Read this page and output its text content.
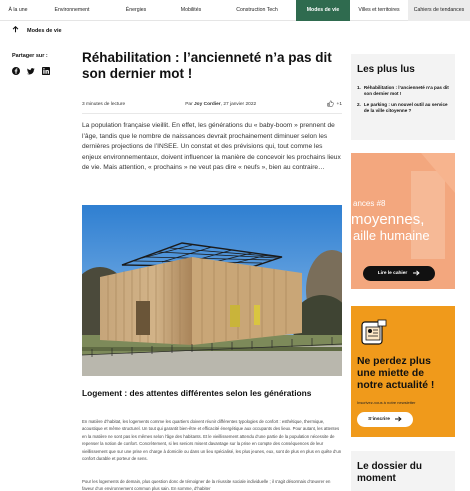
À la une	Environnement	Énergies	Mobilités	Construction Tech	Modes de vie	Villes et territoires	Cahiers de tendances
Modes de vie
Partager sur :	Réhabilitation : l’ancienneté n’a pas dit son dernier mot !
3 minutes de lecture	Par Joy Cordier, 27 janvier 2022	+1

La population française vieillit. En effet, les générations du « baby-boom » prennent de l’âge, tandis que le nombre de naissances devrait prochainement diminuer selon les dernières projections de l’INSEE. Un constat et des prévisions qui, tout comme les enjeux environnementaux, doivent influencer la manière de concevoir les prochains lieux de vie. Mais attention, « prochains » ne veut pas dire « neufs », bien au contraire…

Logement : des attentes différentes selon les générations

En matière d’habitat, les logements comme les quartiers doivent réunir différentes typologies de confort : esthétique, thermique, acoustique et même structurel. Un tout qui garantit bien-être et efficacité énergétique aux occupants des lieux. Pour autant, les attentes en la matière ne sont pas les mêmes selon l’âge des habitants. Et le vieillissement attendu d’une partie de la population nécessite de repenser la notion de confort. Concrètement, si les seniors misent davantage sur la prise en compte des conséquences de leur vieillissement que sur une prise en charge à domicile ou dans un lieu spécialisé, les plus jeunes, eux, sont de plus en plus en quête d’un confort durable et porteur de sens.

Pour les logements de demain, plus question donc de témoigner de la réussite sociale individuelle ; il s’agit désormais d’œuvrer en faveur d’un environnement commun plus sain. En somme, d’habiter

Les plus lus
1. Réhabilitation : l’ancienneté n’a pas dit son dernier mot !
2. Le parking : un nouvel outil au service de la ville citoyenne ?
ances #8
moyennes,
aille humaine
Lire le cahier
Ne perdez plus une miette de notre actualité !
Inscrivez-vous à notre newsletter
S’inscrire
Le dossier du moment
